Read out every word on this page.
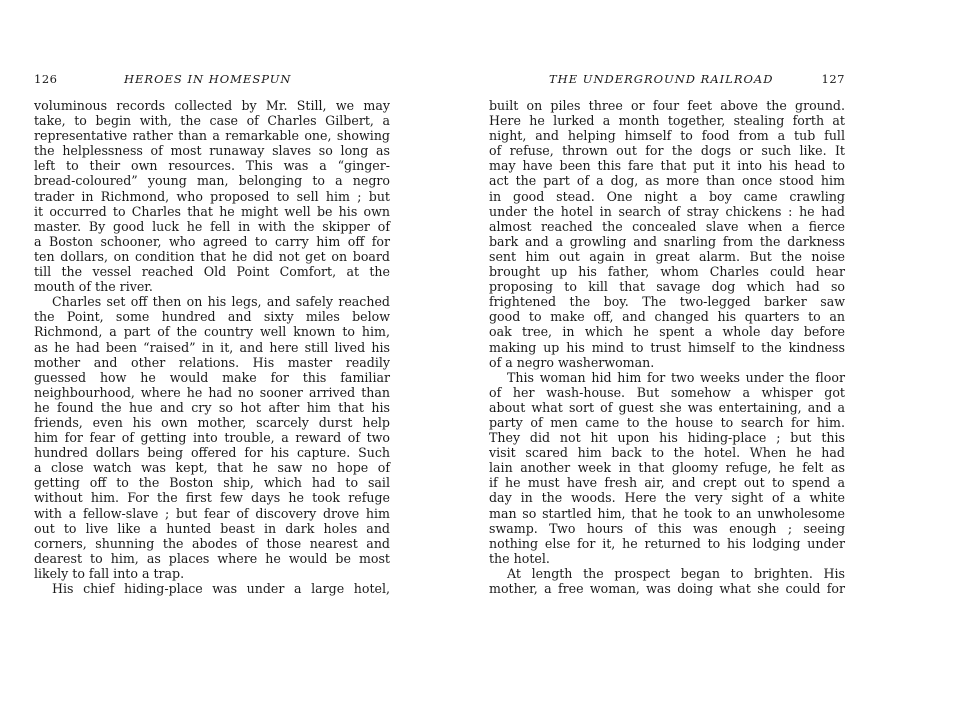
126	HEROES IN HOMESPUN
voluminous records collected by Mr. Still, we may
take, to begin with, the case of Charles Gilbert, a
representative rather than a remarkable one, showing
the helplessness of most runaway slaves so long as
left to their own resources. This was a “ginger-
bread-coloured” young man, belonging to a negro
trader in Richmond, who proposed to sell him ; but
it occurred to Charles that he might well be his own
master. By good luck he fell in with the skipper of
a Boston schooner, who agreed to carry him off for
ten dollars, on condition that he did not get on board
till the vessel reached Old Point Comfort, at the
mouth of the river.
Charles set off then on his legs, and safely reached
the Point, some hundred and sixty miles below
Richmond, a part of the country well known to him,
as he had been “raised” in it, and here still lived his
mother and other relations. His master readily
guessed how he would make for this familiar
neighbourhood, where he had no sooner arrived than
he found the hue and cry so hot after him that his
friends, even his own mother, scarcely durst help
him for fear of getting into trouble, a reward of two
hundred dollars being offered for his capture. Such
a close watch was kept, that he saw no hope of
getting off to the Boston ship, which had to sail
without him. For the first few days he took refuge
with a fellow-slave ; but fear of discovery drove him
out to live like a hunted beast in dark holes and
corners, shunning the abodes of those nearest and
dearest to him, as places where he would be most
likely to fall into a trap.
His chief hiding-place was under a large hotel,
THE UNDERGROUND RAILROAD	127
built on piles three or four feet above the ground.
Here he lurked a month together, stealing forth at
night, and helping himself to food from a tub full
of refuse, thrown out for the dogs or such like. It
may have been this fare that put it into his head to
act the part of a dog, as more than once stood him
in good stead. One night a boy came crawling
under the hotel in search of stray chickens : he had
almost reached the concealed slave when a fierce
bark and a growling and snarling from the darkness
sent him out again in great alarm. But the noise
brought up his father, whom Charles could hear
proposing to kill that savage dog which had so
frightened the boy. The two-legged barker saw
good to make off, and changed his quarters to an
oak tree, in which he spent a whole day before
making up his mind to trust himself to the kindness
of a negro washerwoman.
This woman hid him for two weeks under the floor
of her wash-house. But somehow a whisper got
about what sort of guest she was entertaining, and a
party of men came to the house to search for him.
They did not hit upon his hiding-place ; but this
visit scared him back to the hotel. When he had
lain another week in that gloomy refuge, he felt as
if he must have fresh air, and crept out to spend a
day in the woods. Here the very sight of a white
man so startled him, that he took to an unwholesome
swamp. Two hours of this was enough ; seeing
nothing else for it, he returned to his lodging under
the hotel.
At length the prospect began to brighten. His
mother, a free woman, was doing what she could for
